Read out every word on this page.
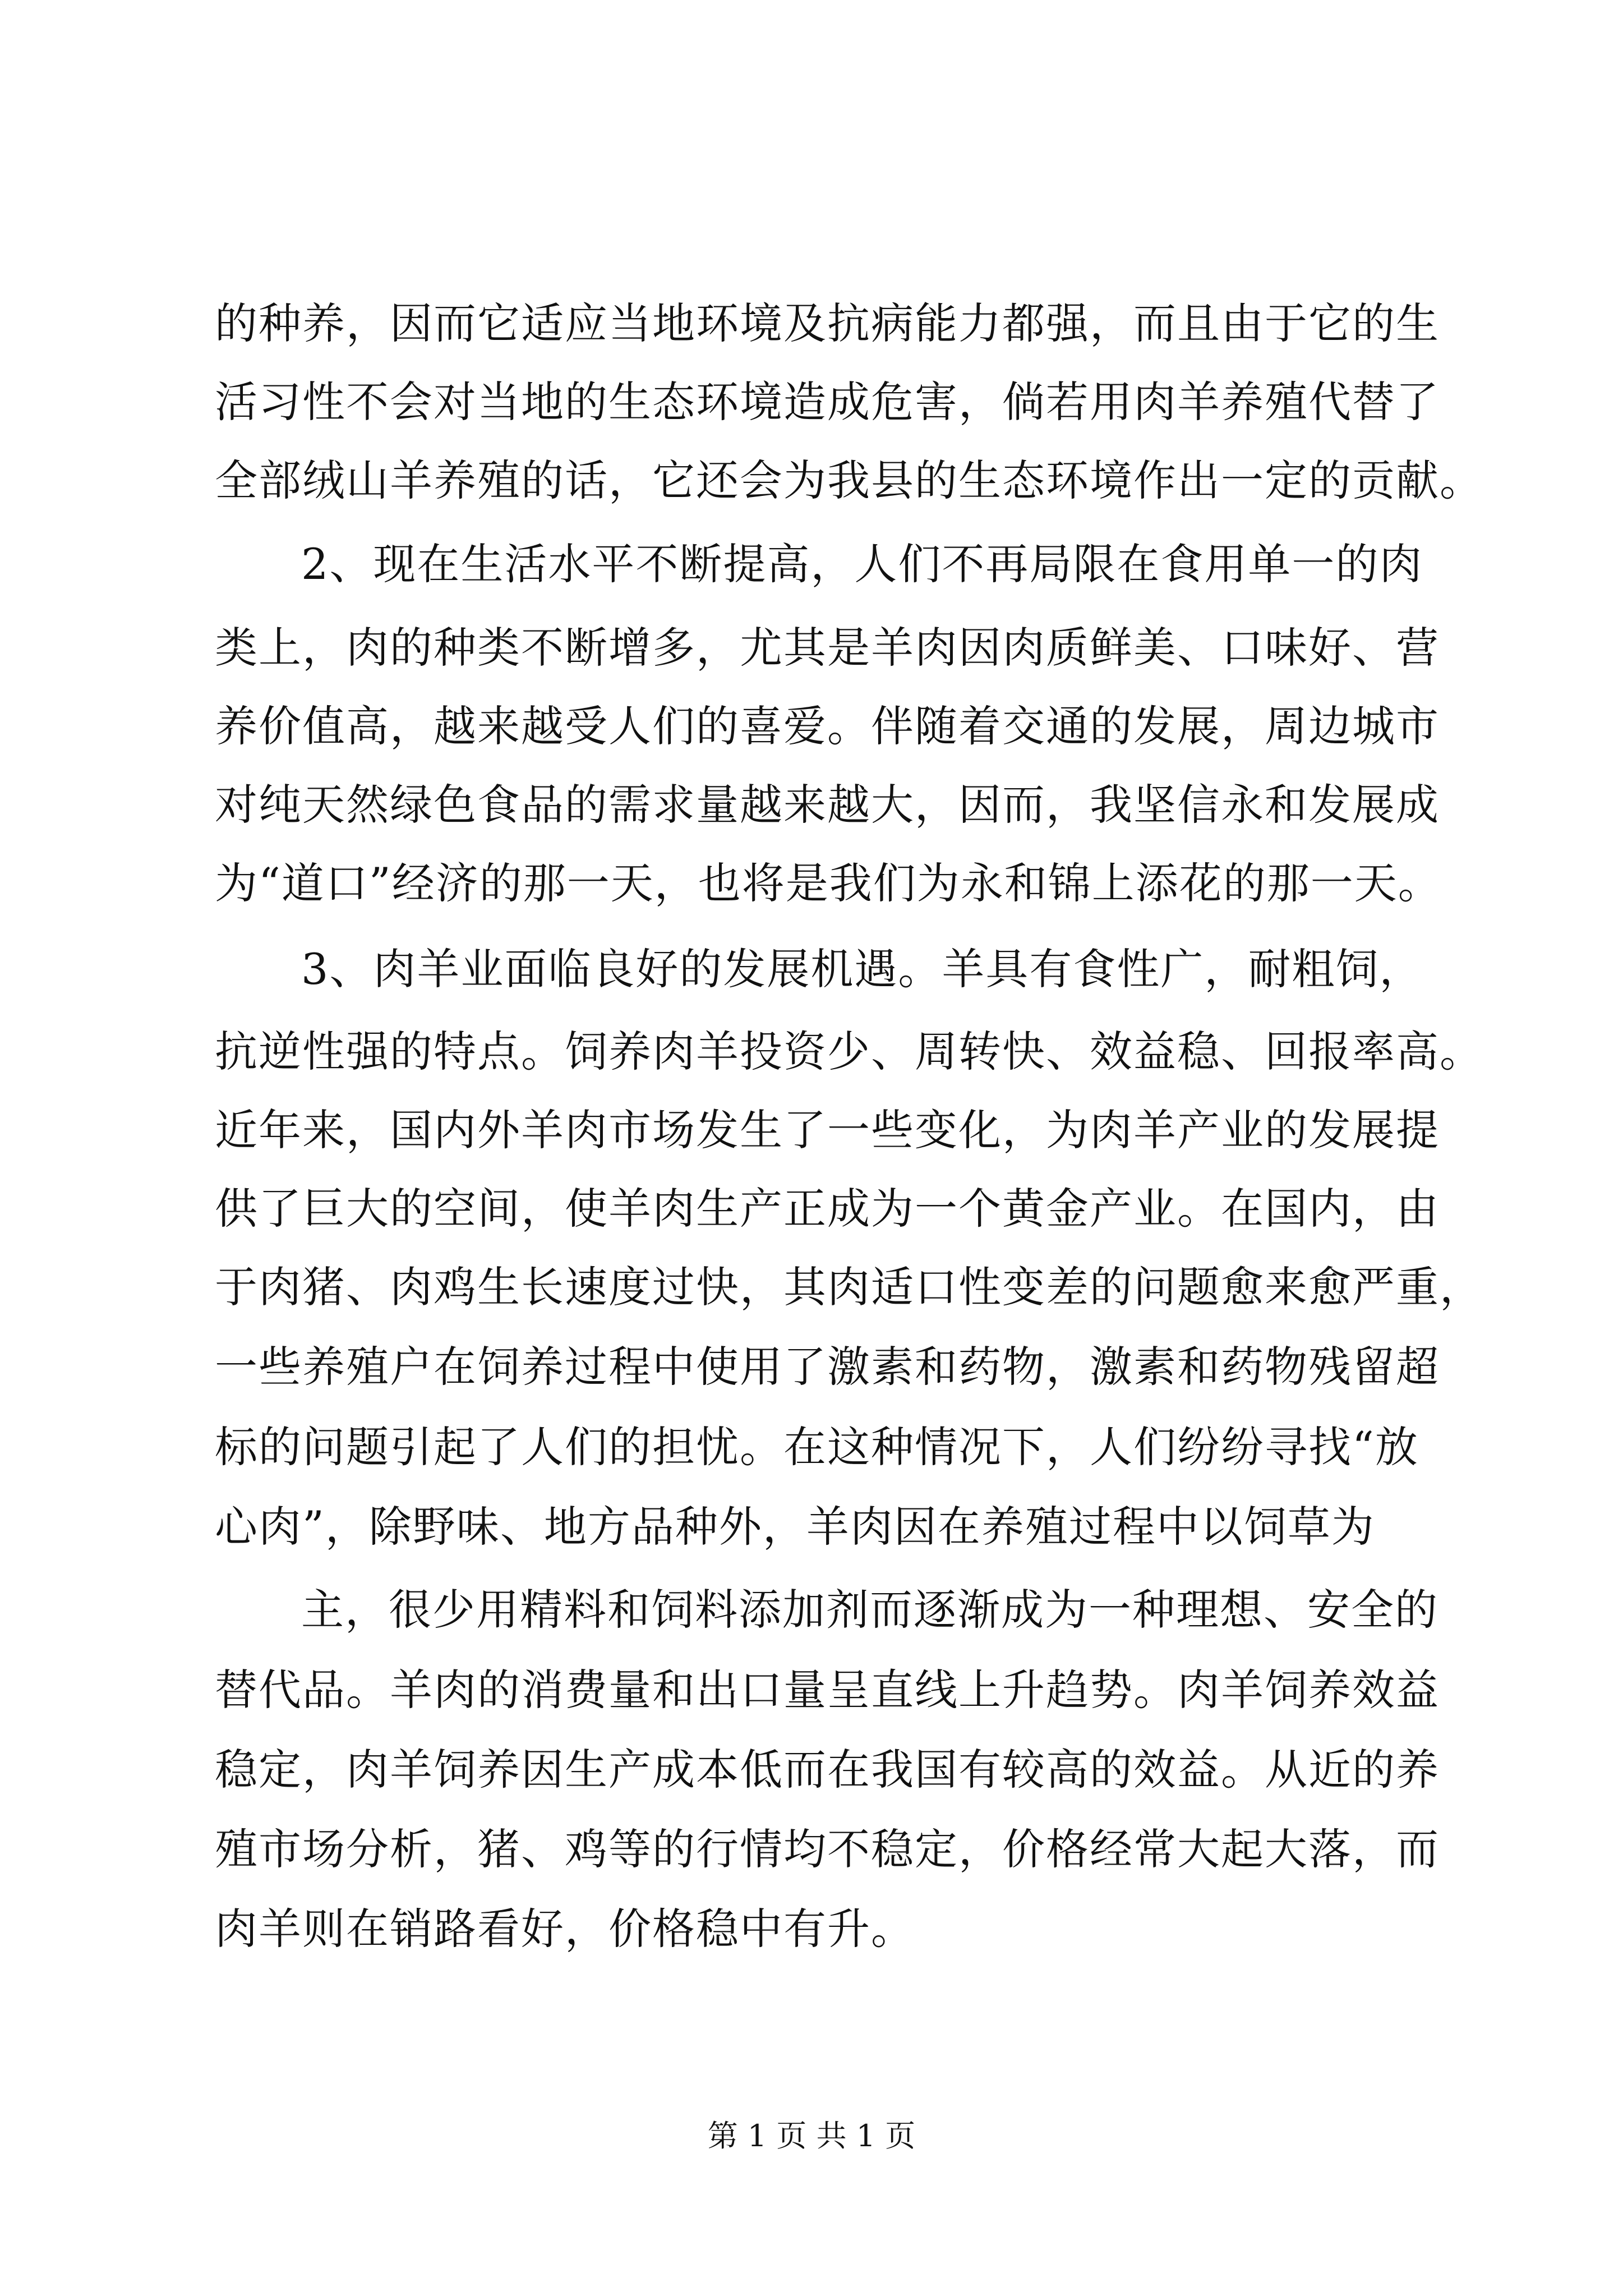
的种养，因而它适应当地环境及抗病能力都强，而且由于它的生
活习性不会对当地的生态环境造成危害，倘若用肉羊养殖代替了
全部绒山羊养殖的话，它还会为我县的生态环境作出一定的贡献。
2、现在生活水平不断提高，人们不再局限在食用单一的肉
类上，肉的种类不断增多，尤其是羊肉因肉质鲜美、口味好、营
养价值高，越来越受人们的喜爱。伴随着交通的发展，周边城市
对纯天然绿色食品的需求量越来越大，因而，我坚信永和发展成
为“道口”经济的那一天，也将是我们为永和锦上添花的那一天。
3、肉羊业面临良好的发展机遇。羊具有食性广，耐粗饲，
抗逆性强的特点。饲养肉羊投资少、周转快、效益稳、回报率高。
近年来，国内外羊肉市场发生了一些变化，为肉羊产业的发展提
供了巨大的空间，使羊肉生产正成为一个黄金产业。在国内，由
于肉猪、肉鸡生长速度过快，其肉适口性变差的问题愈来愈严重，
一些养殖户在饲养过程中使用了激素和药物，激素和药物残留超
标的问题引起了人们的担忧。在这种情况下，人们纷纷寻找“放
心肉”，除野味、地方品种外，羊肉因在养殖过程中以饲草为
主，很少用精料和饲料添加剂而逐渐成为一种理想、安全的
替代品。羊肉的消费量和出口量呈直线上升趋势。肉羊饲养效益
稳定，肉羊饲养因生产成本低而在我国有较高的效益。从近的养
殖市场分析，猪、鸡等的行情均不稳定，价格经常大起大落，而
肉羊则在销路看好，价格稳中有升。
第 1 页 共 1 页
